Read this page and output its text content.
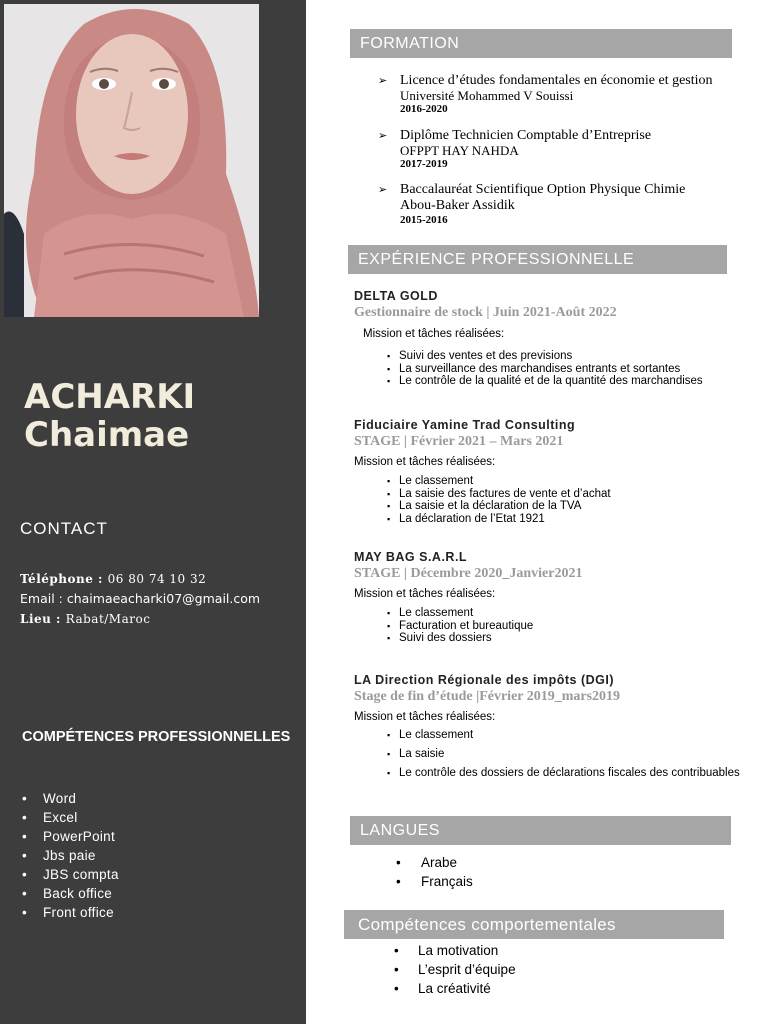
ACHARKI
Chaimae
CONTACT
Téléphone : 06 80 74 10 32
Email : chaimaeacharki07@gmail.com
Lieu : Rabat/Maroc
COMPÉTENCES PROFESSIONNELLES
• Word
• Excel
• PowerPoint
• Jbs paie
• JBS compta
• Back office
• Front office
FORMATION
➢ Licence d’études fondamentales en économie et gestion
Université Mohammed V Souissi
2016-2020
➢ Diplôme Technicien Comptable d’Entreprise
OFPPT HAY NAHDA
2017-2019
➢ Baccalauréat Scientifique Option Physique Chimie
Abou-Baker Assidik
2015-2016
EXPÉRIENCE PROFESSIONNELLE
DELTA GOLD
Gestionnaire de stock | Juin 2021-Août 2022
Mission et tâches réalisées:
▪ Suivi des ventes et des previsions
▪ La surveillance des marchandises entrants et sortantes
▪ Le contrôle de la qualité et de la quantité des marchandises
Fiduciaire Yamine Trad Consulting
STAGE | Février 2021 – Mars 2021
Mission et tâches réalisées:
▪ Le classement
▪ La saisie des factures de vente et d’achat
▪ La saisie et la déclaration de la TVA
▪ La déclaration de l’Etat 1921
MAY BAG S.A.R.L
STAGE | Décembre 2020_Janvier2021
Mission et tâches réalisées:
▪ Le classement
▪ Facturation et bureautique
▪ Suivi des dossiers
LA Direction Régionale des impôts (DGI)
Stage de fin d’étude |Février 2019_mars2019
Mission et tâches réalisées:
▪ Le classement
▪ La saisie
▪ Le contrôle des dossiers de déclarations fiscales des contribuables
LANGUES
• Arabe
• Français
Compétences comportementales
• La motivation
• L’esprit d’équipe
• La créativité
